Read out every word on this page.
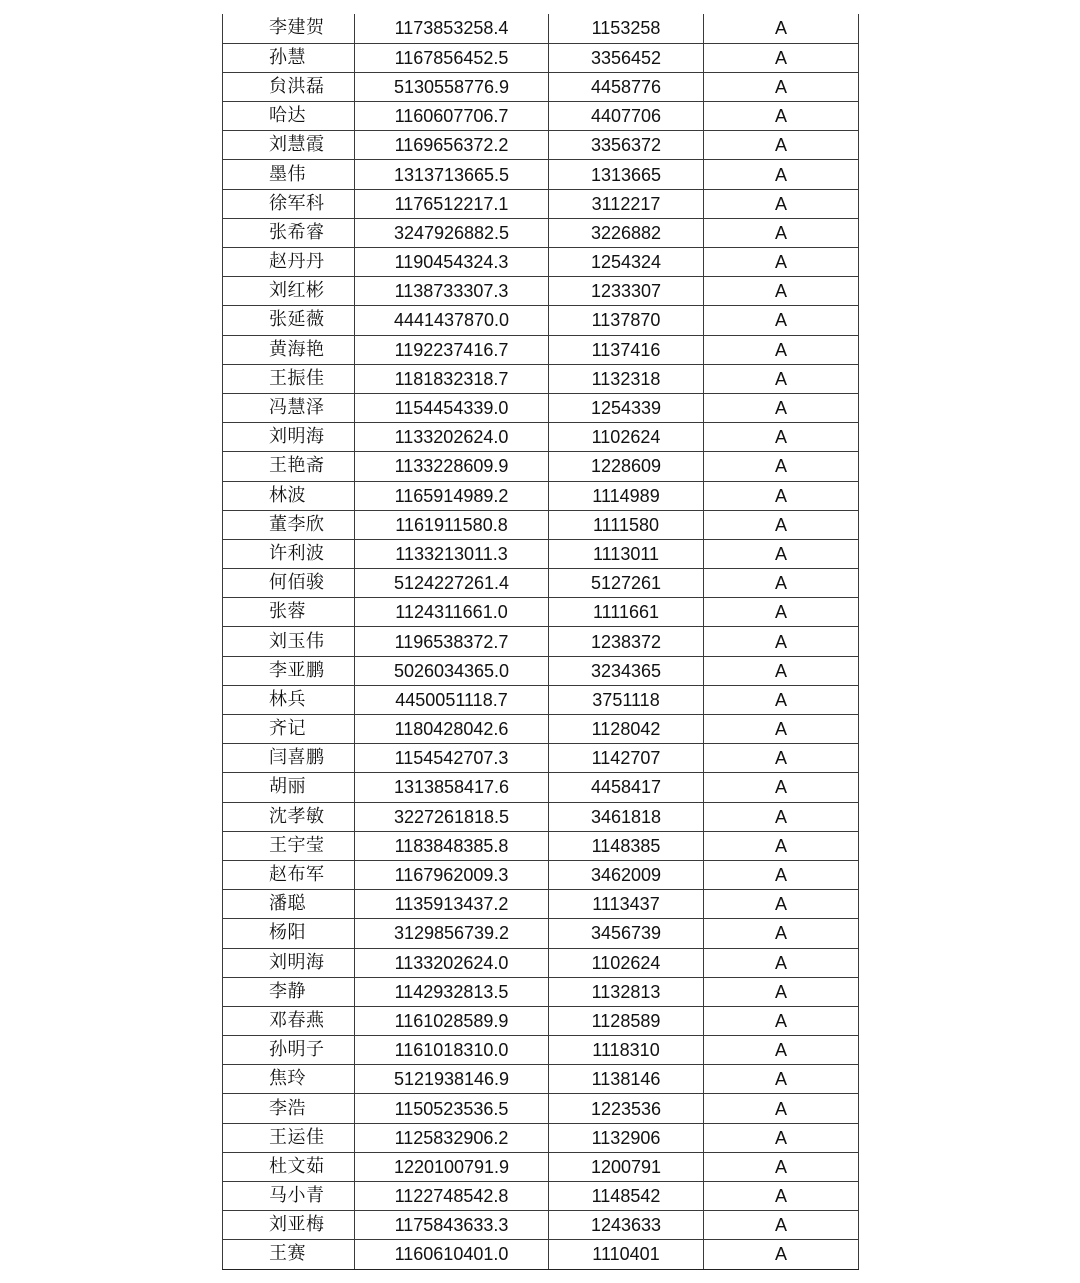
李建贺	1173853258.4	1153258	A
孙慧	1167856452.5	3356452	A
贠洪磊	5130558776.9	4458776	A
哈达	1160607706.7	4407706	A
刘慧霞	1169656372.2	3356372	A
墨伟	1313713665.5	1313665	A
徐军科	1176512217.1	3112217	A
张希睿	3247926882.5	3226882	A
赵丹丹	1190454324.3	1254324	A
刘红彬	1138733307.3	1233307	A
张延薇	4441437870.0	1137870	A
黄海艳	1192237416.7	1137416	A
王振佳	1181832318.7	1132318	A
冯慧泽	1154454339.0	1254339	A
刘明海	1133202624.0	1102624	A
王艳斋	1133228609.9	1228609	A
林波	1165914989.2	1114989	A
董李欣	1161911580.8	1111580	A
许利波	1133213011.3	1113011	A
何佰骏	5124227261.4	5127261	A
张蓉	1124311661.0	1111661	A
刘玉伟	1196538372.7	1238372	A
李亚鹏	5026034365.0	3234365	A
林兵	4450051118.7	3751118	A
齐记	1180428042.6	1128042	A
闫喜鹏	1154542707.3	1142707	A
胡丽	1313858417.6	4458417	A
沈孝敏	3227261818.5	3461818	A
王宇莹	1183848385.8	1148385	A
赵布军	1167962009.3	3462009	A
潘聪	1135913437.2	1113437	A
杨阳	3129856739.2	3456739	A
刘明海	1133202624.0	1102624	A
李静	1142932813.5	1132813	A
邓春燕	1161028589.9	1128589	A
孙明子	1161018310.0	1118310	A
焦玲	5121938146.9	1138146	A
李浩	1150523536.5	1223536	A
王运佳	1125832906.2	1132906	A
杜文茹	1220100791.9	1200791	A
马小青	1122748542.8	1148542	A
刘亚梅	1175843633.3	1243633	A
王赛	1160610401.0	1110401	A
